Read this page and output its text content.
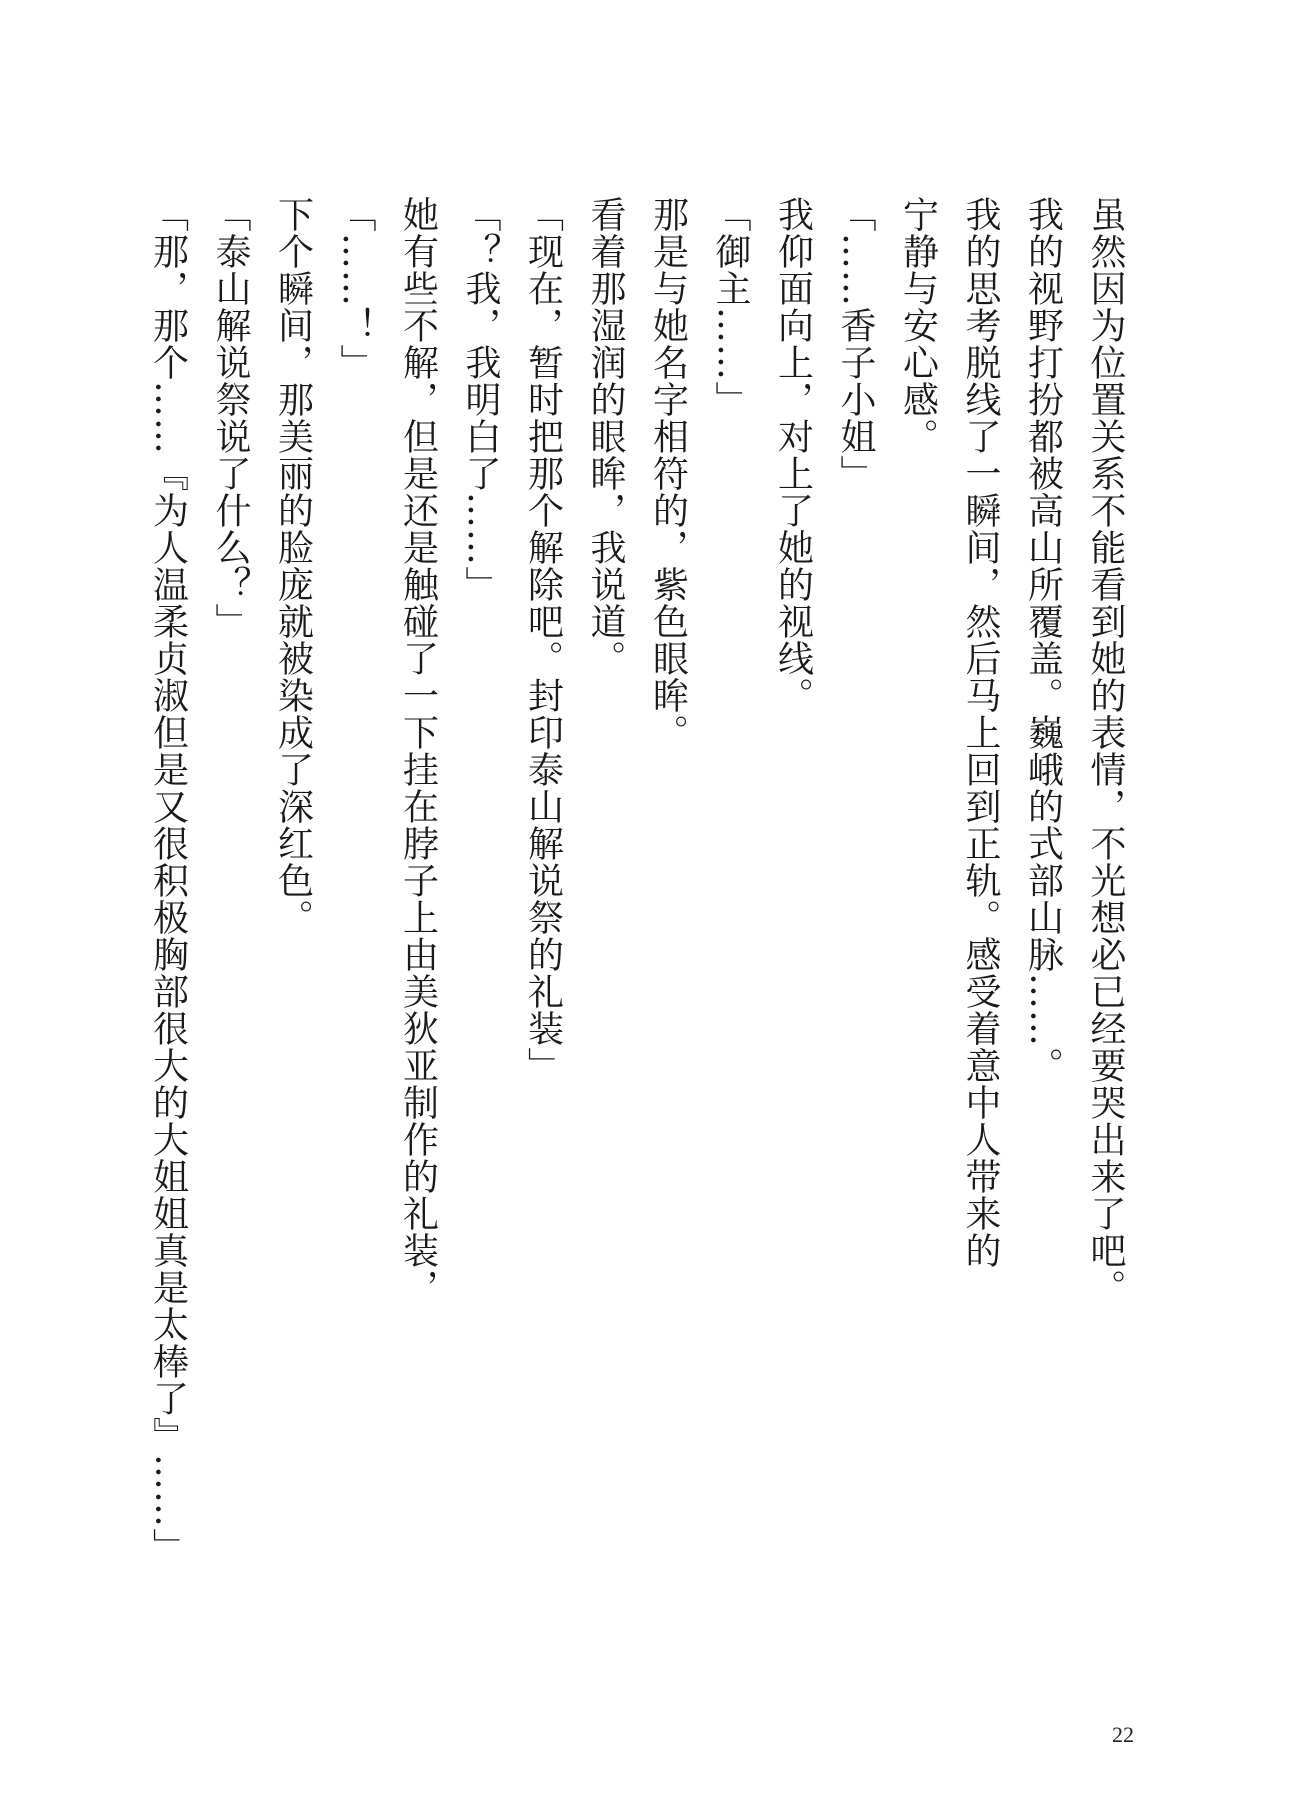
虽然因为位置关系不能看到她的表情，不光想必已经要哭出来了吧。
我的视野打扮都被高山所覆盖。巍峨的式部山脉……。
我的思考脱线了一瞬间，然后马上回到正轨。感受着意中人带来的
宁静与安心感。
「……香子小姐」
我仰面向上，对上了她的视线。
「御主……」
那是与她名字相符的，紫色眼眸。
看着那湿润的眼眸，我说道。
「现在，暂时把那个解除吧。封印泰山解说祭的礼装」
「？我，我明白了……」
她有些不解，但是还是触碰了一下挂在脖子上由美狄亚制作的礼装，
「……！」
下个瞬间，那美丽的脸庞就被染成了深红色。
「泰山解说祭说了什么？」
「那，那个……『为人温柔贞淑但是又很积极胸部很大的大姐姐真是太棒了』……」
22
